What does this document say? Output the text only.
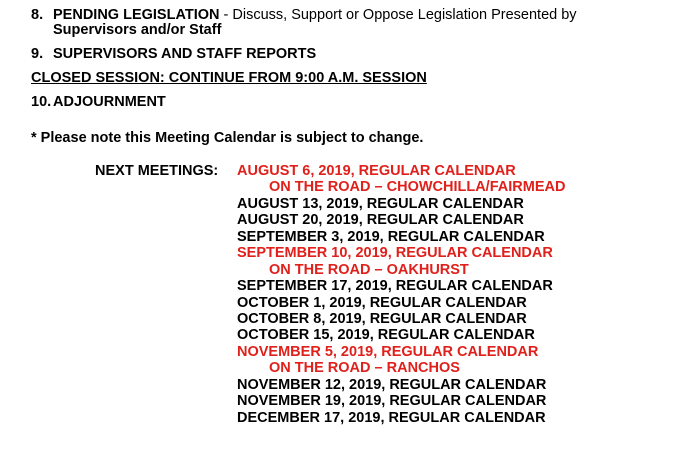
8. PENDING LEGISLATION - Discuss, Support or Oppose Legislation Presented by
Supervisors and/or Staff
9. SUPERVISORS AND STAFF REPORTS
CLOSED SESSION: CONTINUE FROM 9:00 A.M. SESSION
10. ADJOURNMENT
* Please note this Meeting Calendar is subject to change.
NEXT MEETINGS: AUGUST 6, 2019, REGULAR CALENDAR
ON THE ROAD – CHOWCHILLA/FAIRMEAD
AUGUST 13, 2019, REGULAR CALENDAR
AUGUST 20, 2019, REGULAR CALENDAR
SEPTEMBER 3, 2019, REGULAR CALENDAR
SEPTEMBER 10, 2019, REGULAR CALENDAR
ON THE ROAD – OAKHURST
SEPTEMBER 17, 2019, REGULAR CALENDAR
OCTOBER 1, 2019, REGULAR CALENDAR
OCTOBER 8, 2019, REGULAR CALENDAR
OCTOBER 15, 2019, REGULAR CALENDAR
NOVEMBER 5, 2019, REGULAR CALENDAR
ON THE ROAD – RANCHOS
NOVEMBER 12, 2019, REGULAR CALENDAR
NOVEMBER 19, 2019, REGULAR CALENDAR
DECEMBER 17, 2019, REGULAR CALENDAR
